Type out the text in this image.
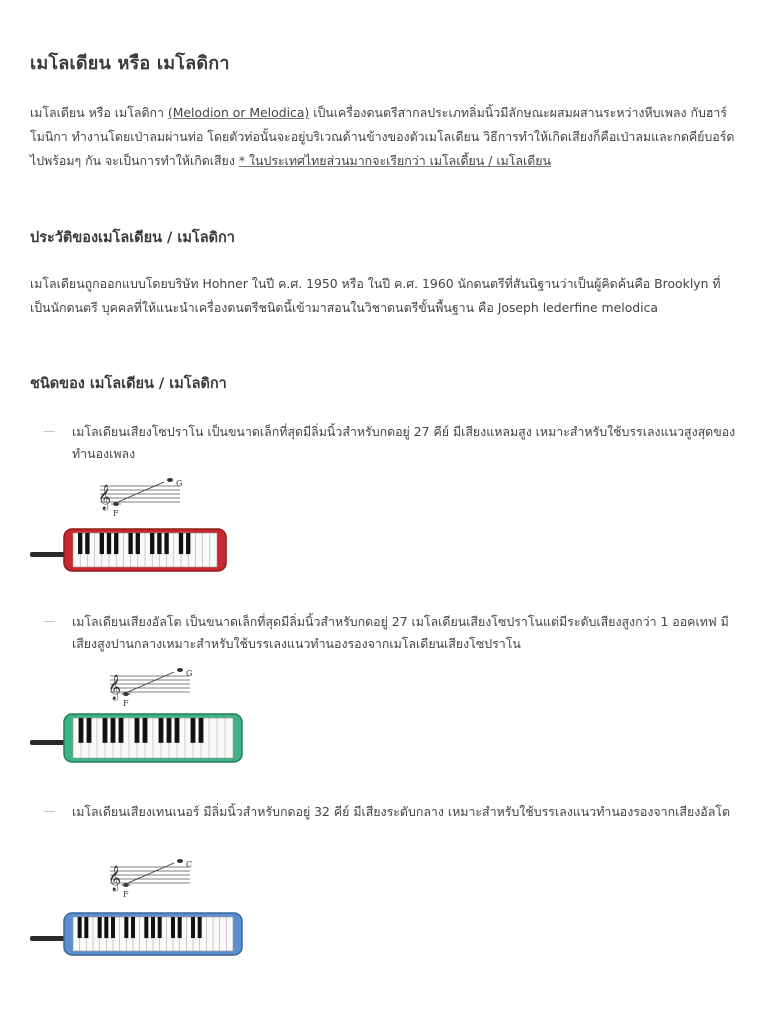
เมโลเดียน หรือ เมโลดิกา

เมโลเดียน หรือ เมโลดิกา (Melodion or Melodica) เป็นเครื่องดนตรีสากลประเภทลิ่มนิ้วมีลักษณะผสมผสานระหว่างหีบเพลง กับฮาร์โมนิกา ทำงานโดยเป่าลมผ่านท่อ โดยตัวท่อนั้นจะอยู่บริเวณด้านข้างของตัวเมโลเดียน วิธีการทำให้เกิดเสียงก็คือเป่าลมและกดคีย์บอร์ดไปพร้อมๆ กัน จะเป็นการทำให้เกิดเสียง * ในประเทศไทยส่วนมากจะเรียกว่า เมโลเดี้ยน / เมโลเดียน

ประวัติของเมโลเดียน / เมโลดิกา

เมโลเดียนถูกออกแบบโดยบริษัท Hohner ในปี ค.ศ. 1950 หรือ ในปี ค.ศ. 1960 นักดนตรีที่สันนิฐานว่าเป็นผู้คิดค้นคือ Brooklyn ที่เป็นนักดนตรี บุคคลที่ให้แนะนำเครื่องดนตรีชนิดนี้เข้ามาสอนในวิชาดนตรีขั้นพื้นฐาน คือ Joseph lederfine melodica

ชนิดของ เมโลเดียน / เมโลดิกา

เมโลเดียนเสียงโซปราโน เป็นขนาดเล็กที่สุดมีลิ่มนิ้วสำหรับกดอยู่ 27 คีย์ มีเสียงแหลมสูง เหมาะสำหรับใช้บรรเลงแนวสูงสุดของทำนองเพลง

𝄞
F
G

เมโลเดียนเสียงอัลโต เป็นขนาดเล็กที่สุดมีลิ่มนิ้วสำหรับกดอยู่ 27 เมโลเดียนเสียงโซปราโนแต่มีระดับเสียงสูงกว่า 1 ออคเทฟ มีเสียงสูงปานกลางเหมาะสำหรับใช้บรรเลงแนวทำนองรองจากเมโลเดียนเสียงโซปราโน

𝄞
F
G

เมโลเดียนเสียงเทนเนอร์ มีลิ่มนิ้วสำหรับกดอยู่ 32 คีย์ มีเสียงระดับกลาง เหมาะสำหรับใช้บรรเลงแนวทำนองรองจากเสียงอัลโต

𝄞
F
C
